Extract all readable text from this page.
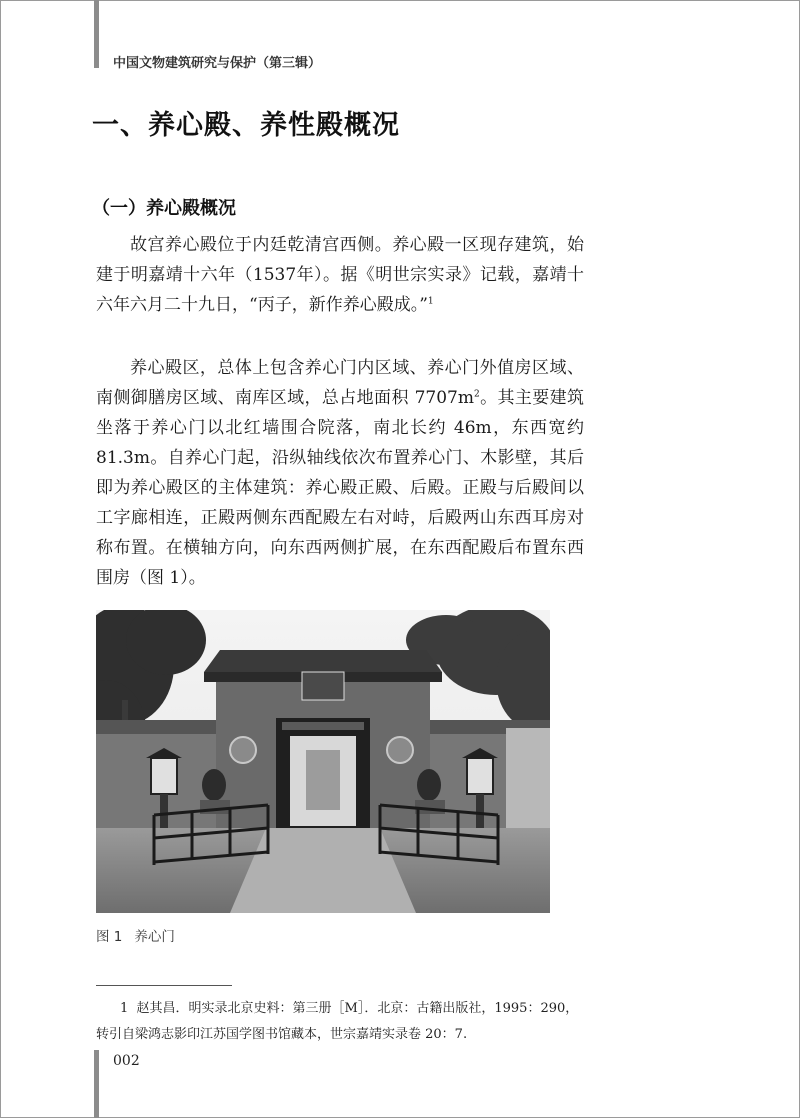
中国文物建筑研究与保护（第三辑）
一、养心殿、养性殿概况
（一）养心殿概况

故宫养心殿位于内廷乾清宫西侧。养心殿一区现存建筑，始建于明嘉靖十六年（1537年）。据《明世宗实录》记载，嘉靖十六年六月二十九日，“丙子，新作养心殿成。”$^1$

养心殿区，总体上包含养心门内区域、养心门外值房区域、南侧御膳房区域、南库区域，总占地面积 $7707m^2$。其主要建筑坐落于养心门以北红墙围合院落，南北长约 46m，东西宽约 81.3m。自养心门起，沿纵轴线依次布置养心门、木影壁，其后即为养心殿区的主体建筑：养心殿正殿、后殿。正殿与后殿间以工字廊相连，正殿两侧东西配殿左右对峙，后殿两山东西耳房对称布置。在横轴方向，向东西两侧扩展，在东西配殿后布置东西围房（图 1）。

图 1 养心门
1 赵其昌．明实录北京史料：第三册［M］．北京：古籍出版社，1995：290，转引自梁鸿志影印江苏国学图书馆藏本，世宗嘉靖实录卷 20：7.
002
